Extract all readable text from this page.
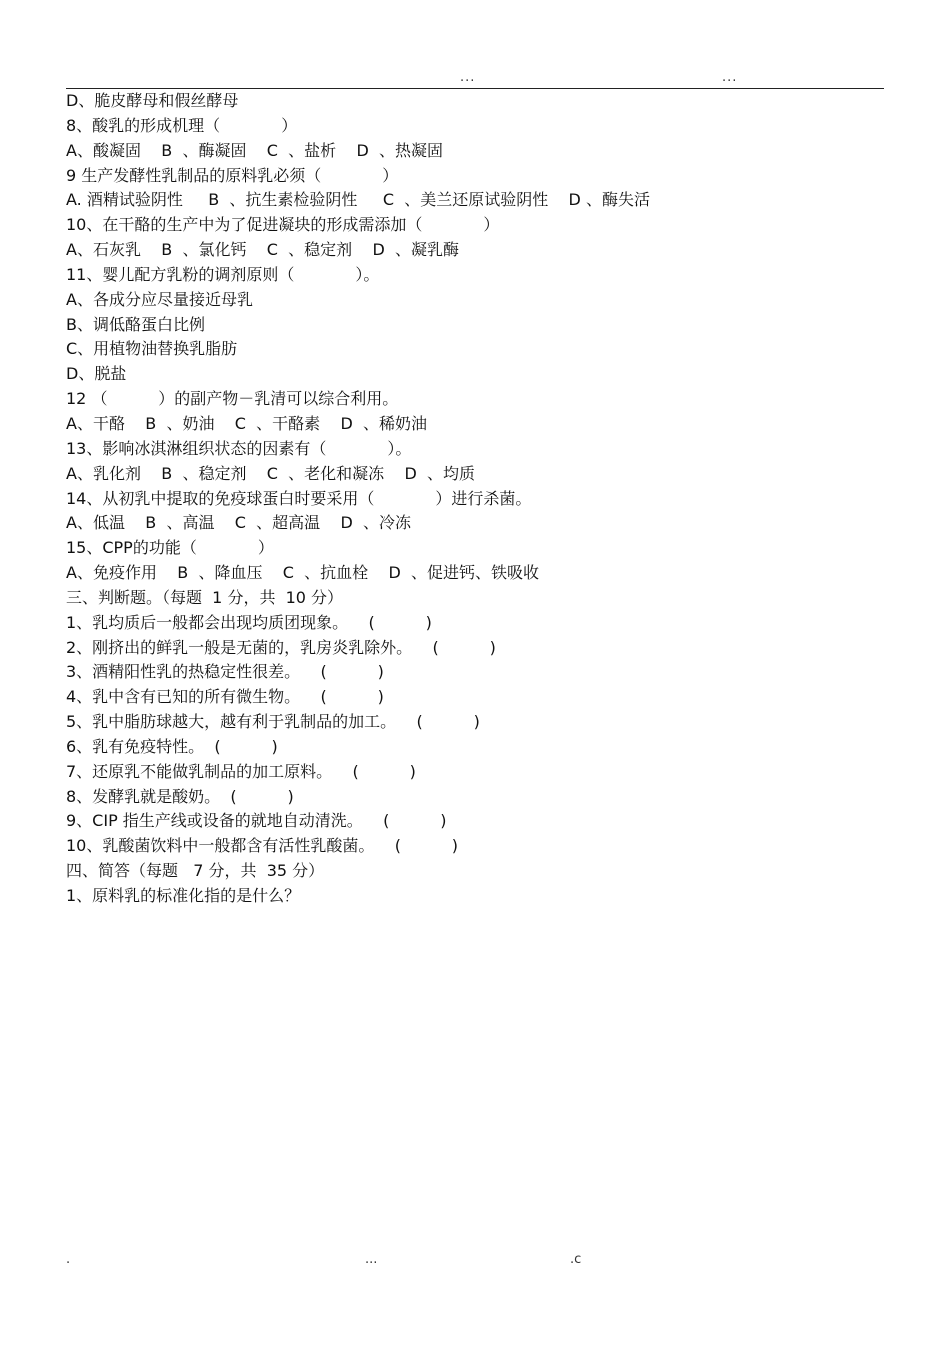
...	...
D、脆皮酵母和假丝酵母
8、酸乳的形成机理（            ）
A、酸凝固    B  、酶凝固    C  、盐析    D  、热凝固
9 生产发酵性乳制品的原料乳必须（            ）
A. 酒精试验阴性     B  、抗生素检验阴性     C  、美兰还原试验阴性    D 、酶失活
10、在干酪的生产中为了促进凝块的形成需添加（            ）
A、石灰乳    B  、氯化钙    C  、稳定剂    D  、凝乳酶
11、婴儿配方乳粉的调剂原则（            ）。
A、各成分应尽量接近母乳
B、调低酪蛋白比例
C、用植物油替换乳脂肪
D、脱盐
12 （          ）的副产物－乳清可以综合利用。
A、干酪    B  、奶油    C  、干酪素    D  、稀奶油
13、影响冰淇淋组织状态的因素有（            ）。
A、乳化剂    B  、稳定剂    C  、老化和凝冻    D  、均质
14、从初乳中提取的免疫球蛋白时要采用（            ）进行杀菌。
A、低温    B  、高温    C  、超高温    D  、冷冻
15、CPP的功能（            ）
A、免疫作用    B  、降血压    C  、抗血栓    D  、促进钙、铁吸收
三、判断题。（每题  1 分，共  10 分）
1、乳均质后一般都会出现均质团现象。    (          )
2、刚挤出的鲜乳一般是无菌的，乳房炎乳除外。    (          )
3、酒精阳性乳的热稳定性很差。    (          )
4、乳中含有已知的所有微生物。    (          )
5、乳中脂肪球越大，越有利于乳制品的加工。    (          )
6、乳有免疫特性。  (          )
7、还原乳不能做乳制品的加工原料。    (          )
8、发酵乳就是酸奶。  (          )
9、CIP 指生产线或设备的就地自动清洗。    (          )
10、乳酸菌饮料中一般都含有活性乳酸菌。    (          )
四、简答（每题   7 分，共  35 分）
1、原料乳的标准化指的是什么？
.	...	.c
